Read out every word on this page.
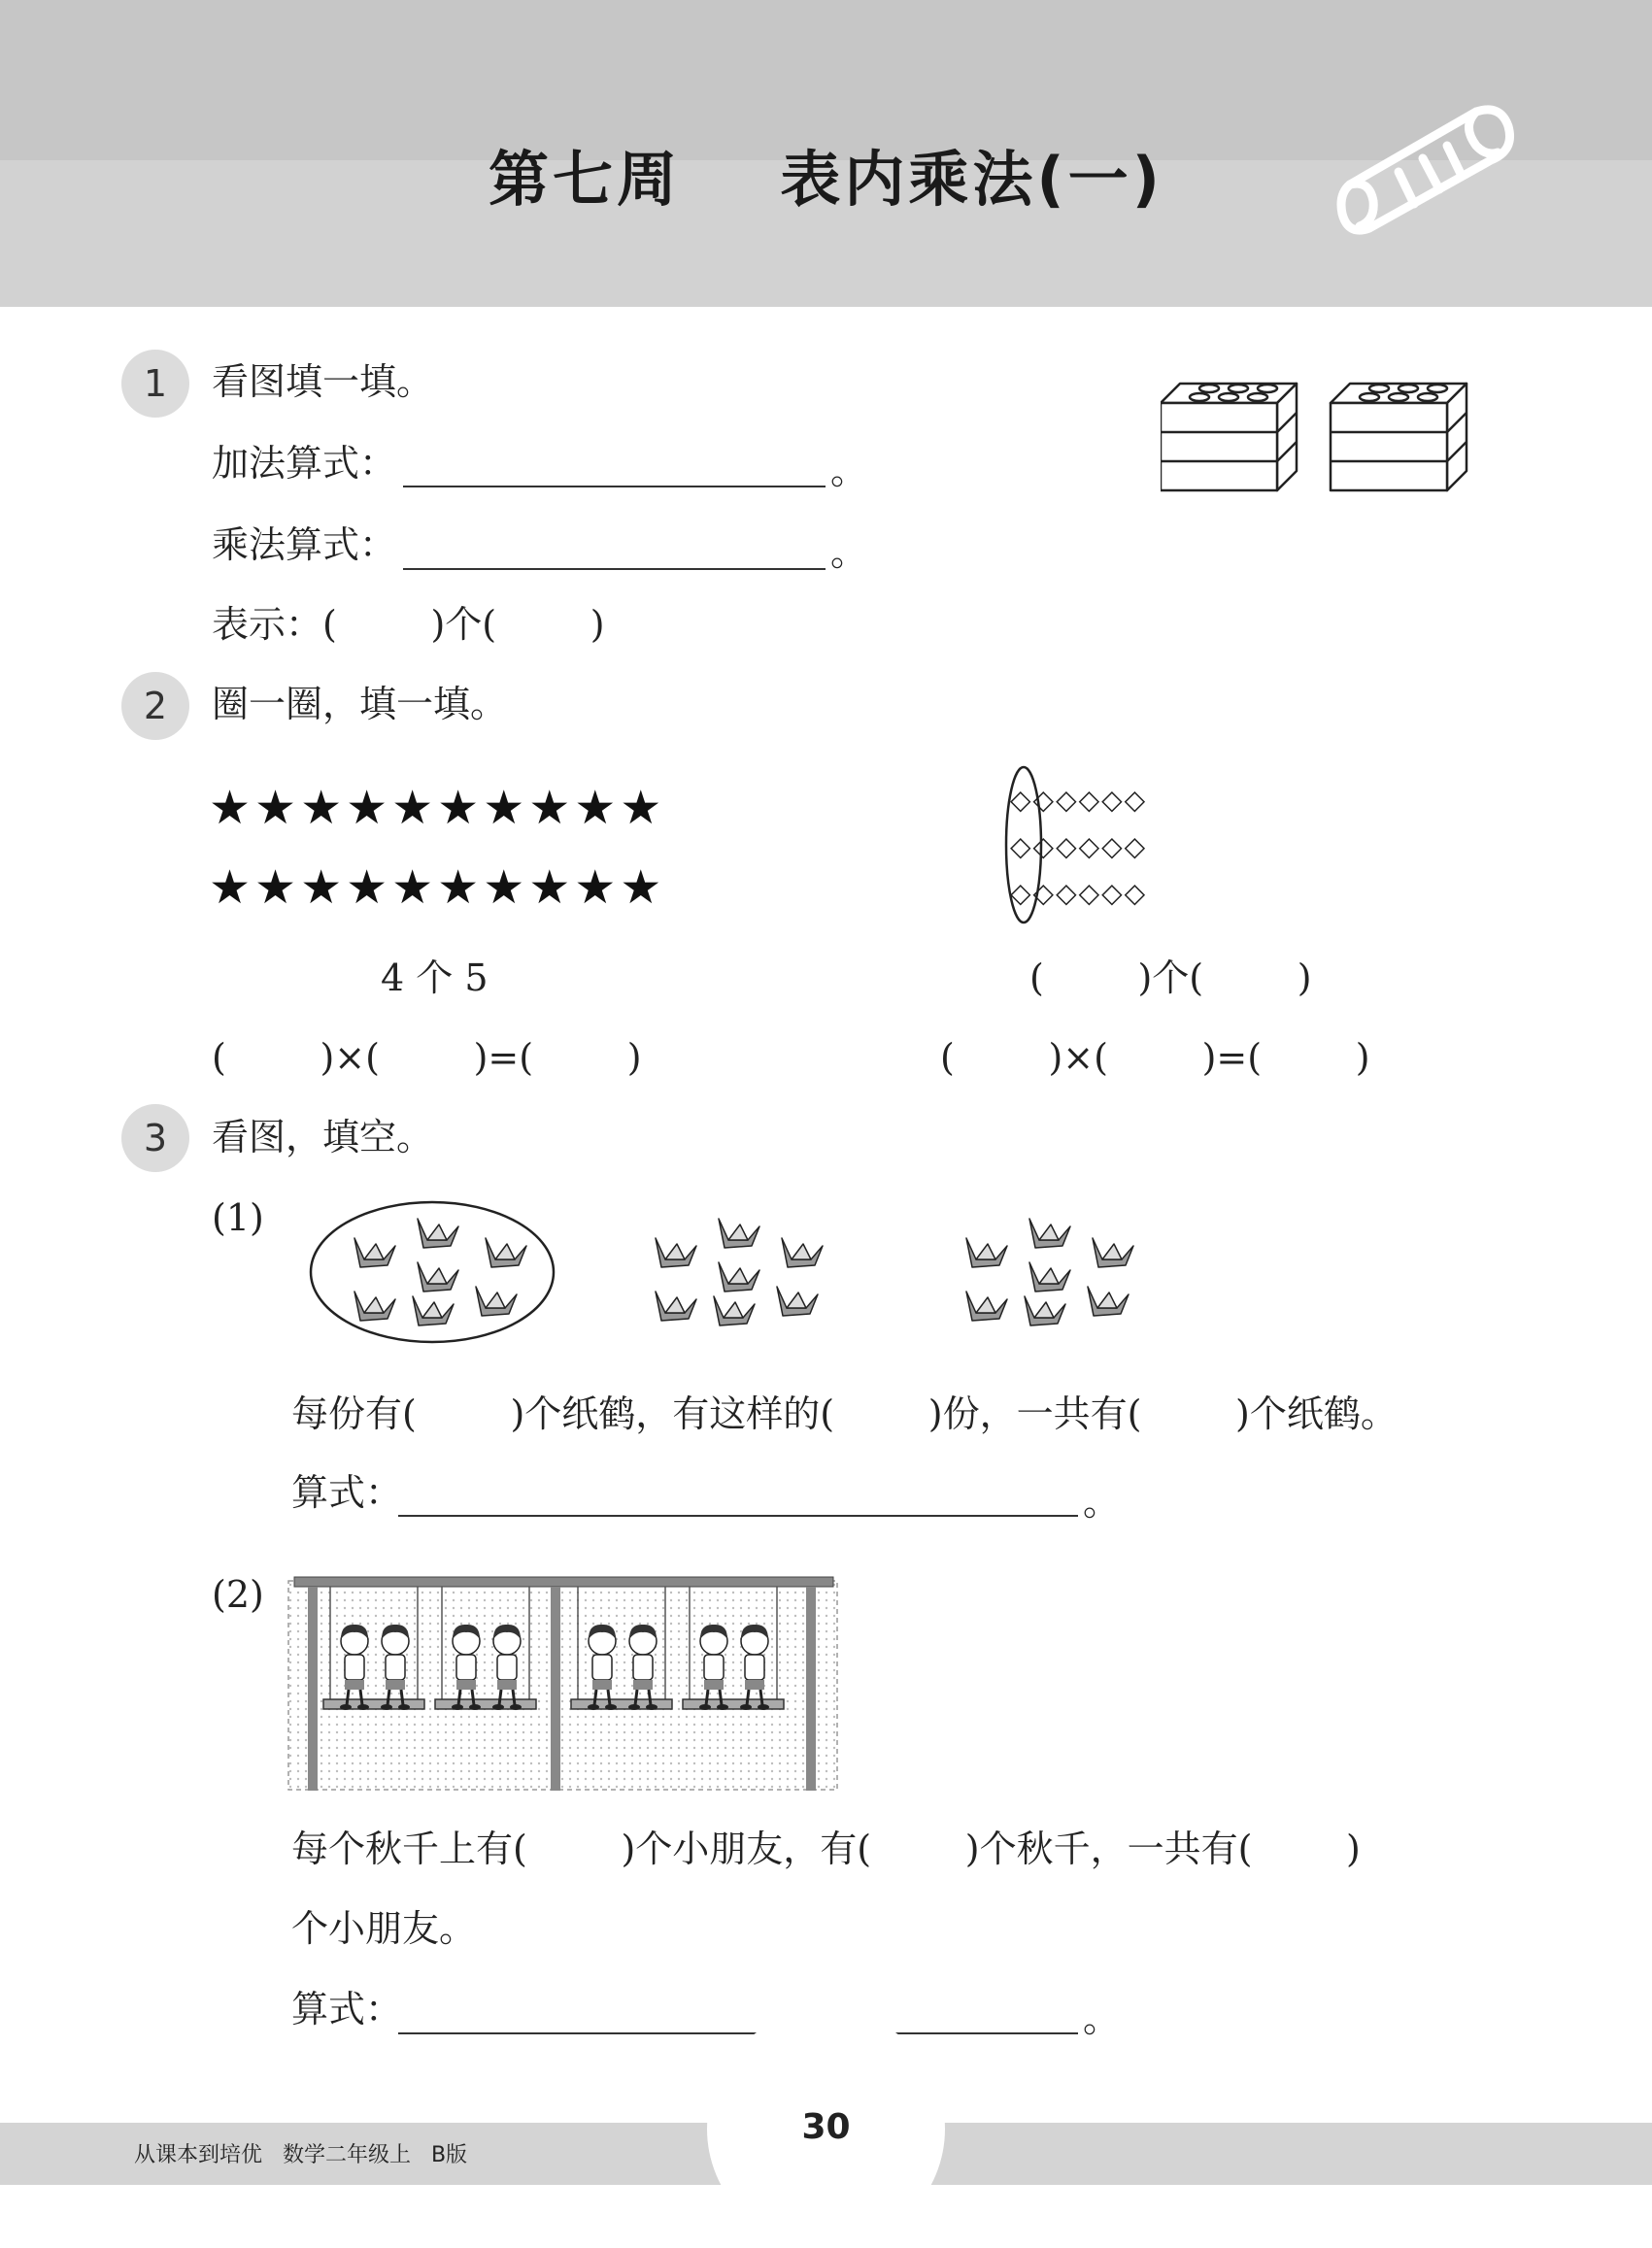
第七周    表内乘法(一)
1	看图填一填。
加法算式：	。
乘法算式：	。
表示：(        )个(        )
2	圈一圈，填一填。
★★★★★★★★★★
★★★★★★★★★★
4 个 5
(        )×(        )=(        )
◇◇◇◇◇◇
◇◇◇◇◇◇
◇◇◇◇◇◇
(        )个(        )
(        )×(        )=(        )
3	看图，填空。
(1)
每份有(        )个纸鹤，有这样的(        )份，一共有(        )个纸鹤。
算式：	。
(2)
每个秋千上有(        )个小朋友，有(        )个秋千，一共有(        )
个小朋友。
算式：	。
30
从课本到培优   数学二年级上   B版
